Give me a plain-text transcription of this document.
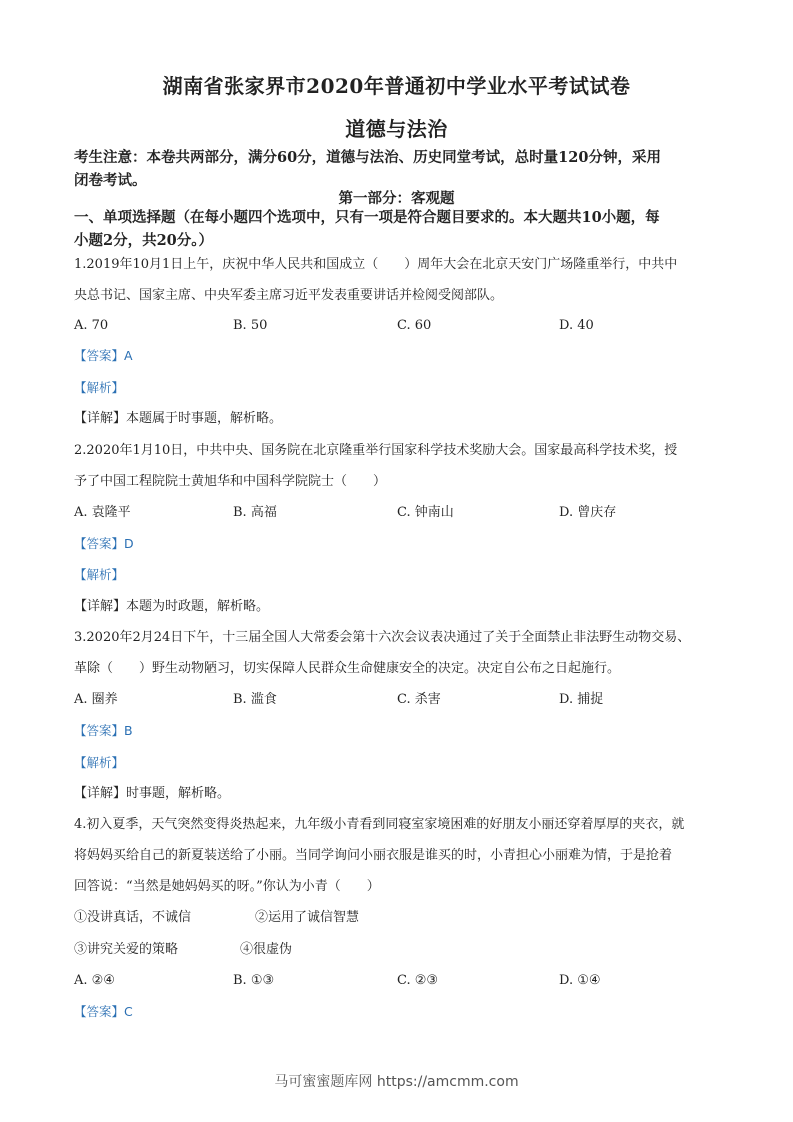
湖南省张家界市2020年普通初中学业水平考试试卷
道德与法治
考生注意：本卷共两部分，满分60分，道德与法治、历史同堂考试，总时量120分钟，采用
闭卷考试。
第一部分：客观题
一、单项选择题（在每小题四个选项中，只有一项是符合题目要求的。本大题共10小题，每
小题2分，共20分。）
1.2019年10月1日上午，庆祝中华人民共和国成立（　　）周年大会在北京天安门广场隆重举行，中共中
央总书记、国家主席、中央军委主席习近平发表重要讲话并检阅受阅部队。
A. 70	B. 50	C. 60	D. 40
【答案】A
【解析】
【详解】本题属于时事题，解析略。
2.2020年1月10日，中共中央、国务院在北京隆重举行国家科学技术奖励大会。国家最高科学技术奖，授
予了中国工程院院士黄旭华和中国科学院院士（　　）
A. 袁隆平	B. 高福	C. 钟南山	D. 曾庆存
【答案】D
【解析】
【详解】本题为时政题，解析略。
3.2020年2月24日下午，十三届全国人大常委会第十六次会议表决通过了关于全面禁止非法野生动物交易、
革除（　　）野生动物陋习，切实保障人民群众生命健康安全的决定。决定自公布之日起施行。
A. 圈养	B. 滥食	C. 杀害	D. 捕捉
【答案】B
【解析】
【详解】时事题，解析略。
4.初入夏季，天气突然变得炎热起来，九年级小青看到同寝室家境困难的好朋友小丽还穿着厚厚的夹衣，就
将妈妈买给自己的新夏装送给了小丽。当同学询问小丽衣服是谁买的时，小青担心小丽难为情，于是抢着
回答说：“当然是她妈妈买的呀。”你认为小青（　　）
①没讲真话，不诚信	②运用了诚信智慧
③讲究关爱的策略	④很虚伪
A. ②④	B. ①③	C. ②③	D. ①④
【答案】C
马可蜜蜜题库网 https://amcmm.com
